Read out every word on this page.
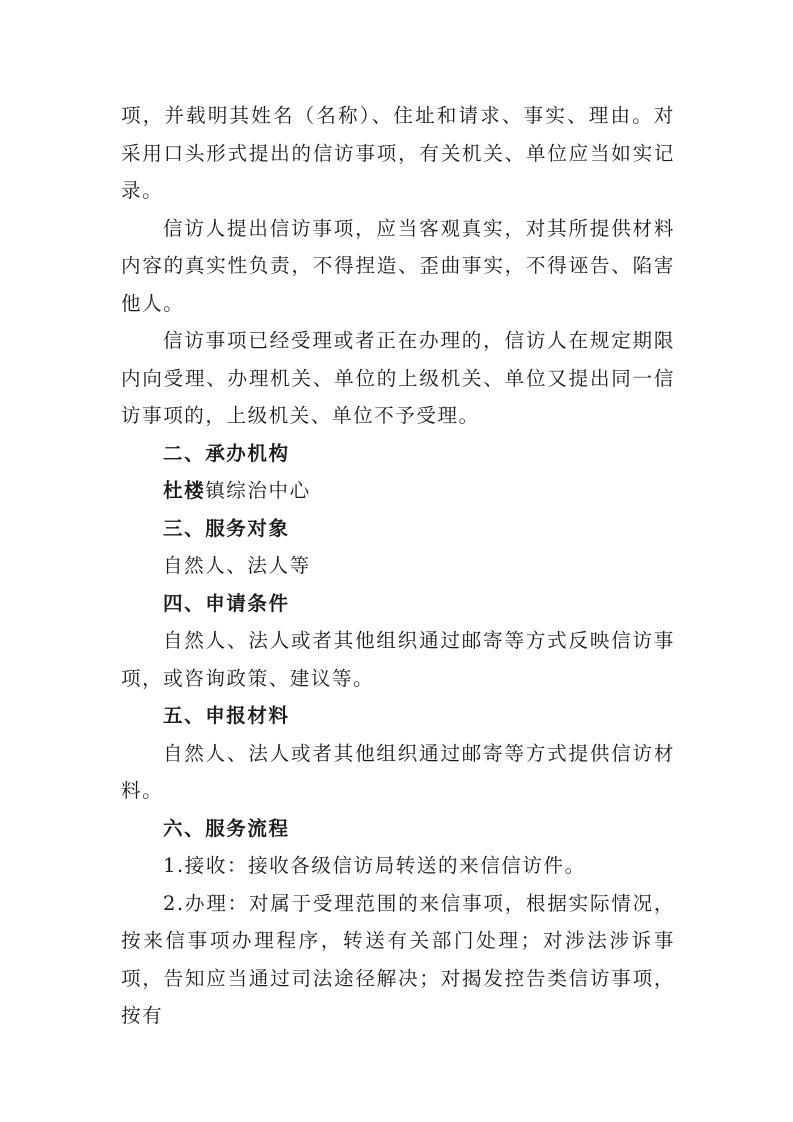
项，并载明其姓名（名称）、住址和请求、事实、理由。对采用口头形式提出的信访事项，有关机关、单位应当如实记录。

信访人提出信访事项，应当客观真实，对其所提供材料内容的真实性负责，不得捏造、歪曲事实，不得诬告、陷害他人。

信访事项已经受理或者正在办理的，信访人在规定期限内向受理、办理机关、单位的上级机关、单位又提出同一信访事项的，上级机关、单位不予受理。

二、承办机构

杜楼镇综治中心

三、服务对象

自然人、法人等

四、申请条件

自然人、法人或者其他组织通过邮寄等方式反映信访事项，或咨询政策、建议等。

五、申报材料

自然人、法人或者其他组织通过邮寄等方式提供信访材料。

六、服务流程

1.接收：接收各级信访局转送的来信信访件。

2.办理：对属于受理范围的来信事项，根据实际情况，按来信事项办理程序，转送有关部门处理；对涉法涉诉事项，告知应当通过司法途径解决；对揭发控告类信访事项，按有
